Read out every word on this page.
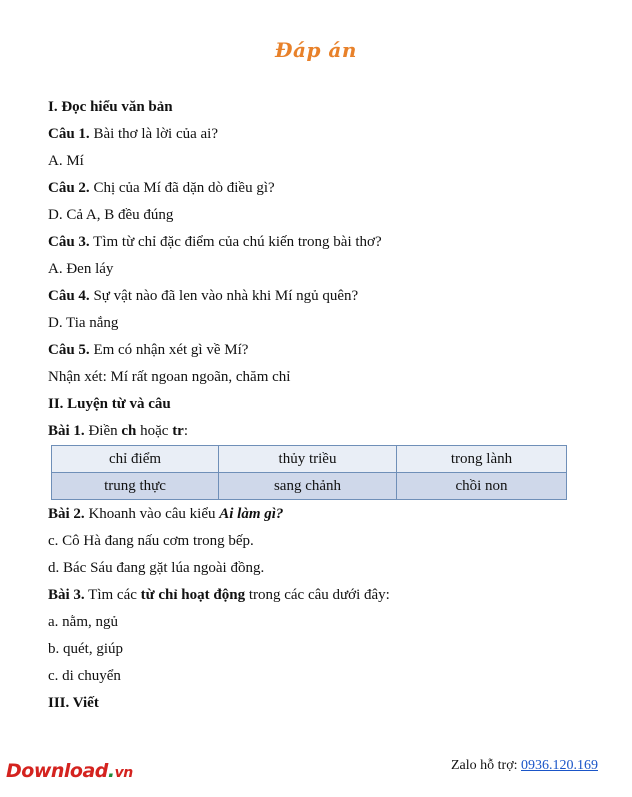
Đáp án
I. Đọc hiểu văn bản
Câu 1. Bài thơ là lời của ai?
A. Mí
Câu 2. Chị của Mí đã dặn dò điều gì?
D. Cả A, B đều đúng
Câu 3. Tìm từ chỉ đặc điểm của chú kiến trong bài thơ?
A. Đen láy
Câu 4. Sự vật nào đã len vào nhà khi Mí ngủ quên?
D. Tia nắng
Câu 5. Em có nhận xét gì về Mí?
Nhận xét: Mí rất ngoan ngoãn, chăm chỉ
II. Luyện từ và câu
Bài 1. Điền ch hoặc tr:
chỉ điểm	thủy triều	trong lành
trung thực	sang chảnh	chồi non
Bài 2. Khoanh vào câu kiểu Ai làm gì?
c. Cô Hà đang nấu cơm trong bếp.
d. Bác Sáu đang gặt lúa ngoài đồng.
Bài 3. Tìm các từ chỉ hoạt động trong các câu dưới đây:
a. nằm, ngủ
b. quét, giúp
c. di chuyển
III. Viết
Download.vn	Zalo hỗ trợ: 0936.120.169
